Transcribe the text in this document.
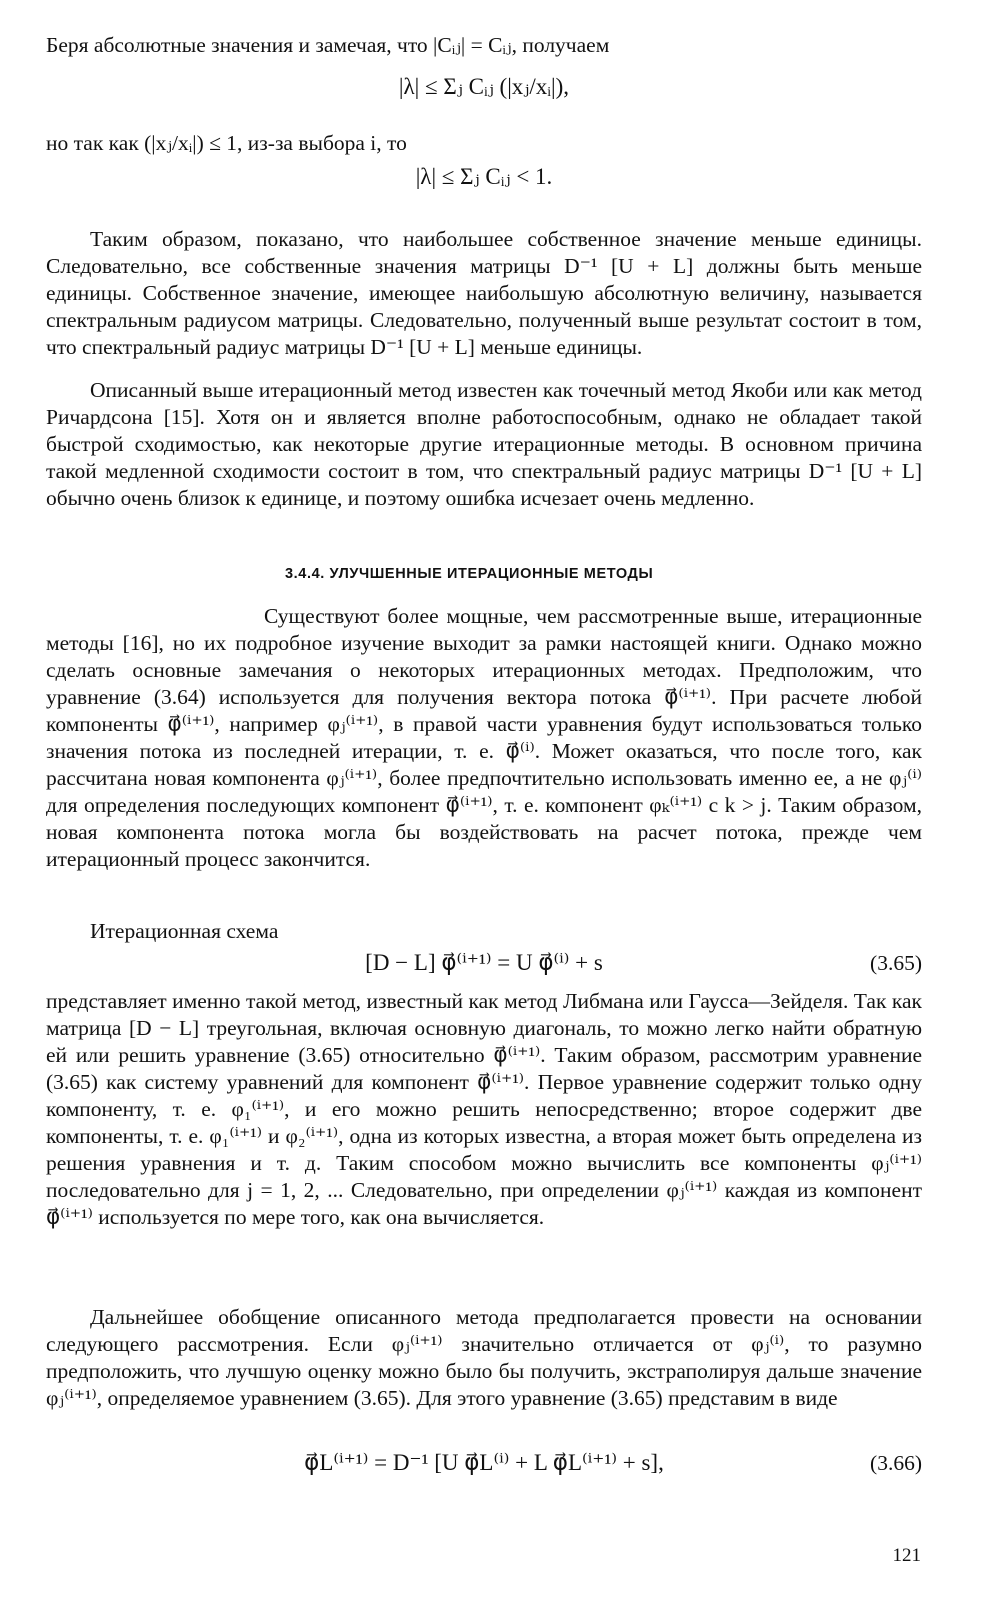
Беря абсолютные значения и замечая, что |Cᵢⱼ| = Cᵢⱼ, получаем
|λ| ≤ Σⱼ Cᵢⱼ (|xⱼ/xᵢ|),
но так как (|xⱼ/xᵢ|) ≤ 1, из-за выбора i, то
|λ| ≤ Σⱼ Cᵢⱼ < 1.
Таким образом, показано, что наибольшее собственное значение меньше единицы. Следовательно, все собственные значения матрицы D⁻¹ [U + L] должны быть меньше единицы. Собственное значение, имеющее наибольшую абсолютную величину, называется спектральным радиусом матрицы. Следовательно, полученный выше результат состоит в том, что спектральный радиус матрицы D⁻¹ [U + L] меньше единицы.
Описанный выше итерационный метод известен как точечный метод Якоби или как метод Ричардсона [15]. Хотя он и является вполне работоспособным, однако не обладает такой быстрой сходимостью, как некоторые другие итерационные методы. В основном причина такой медленной сходимости состоит в том, что спектральный радиус матрицы D⁻¹ [U + L] обычно очень близок к единице, и поэтому ошибка исчезает очень медленно.
3.4.4. УЛУЧШЕННЫЕ ИТЕРАЦИОННЫЕ МЕТОДЫ
Существуют более мощные, чем рассмотренные выше, итерационные методы [16], но их подробное изучение выходит за рамки настоящей книги. Однако можно сделать основные замечания о некоторых итерационных методах. Предположим, что уравнение (3.64) используется для получения вектора потока φ⃗⁽ⁱ⁺¹⁾. При расчете любой компоненты φ⃗⁽ⁱ⁺¹⁾, например φⱼ⁽ⁱ⁺¹⁾, в правой части уравнения будут использоваться только значения потока из последней итерации, т. е. φ⃗⁽ⁱ⁾. Может оказаться, что после того, как рассчитана новая компонента φⱼ⁽ⁱ⁺¹⁾, более предпочтительно использовать именно ее, а не φⱼ⁽ⁱ⁾ для определения последующих компонент φ⃗⁽ⁱ⁺¹⁾, т. е. компонент φₖ⁽ⁱ⁺¹⁾ с k > j. Таким образом, новая компонента потока могла бы воздействовать на расчет потока, прежде чем итерационный процесс закончится.
Итерационная схема
[D − L] φ⃗⁽ⁱ⁺¹⁾ = U φ⃗⁽ⁱ⁾ + s	(3.65)
представляет именно такой метод, известный как метод Либмана или Гаусса—Зейделя. Так как матрица [D − L] треугольная, включая основную диагональ, то можно легко найти обратную ей или решить уравнение (3.65) относительно φ⃗⁽ⁱ⁺¹⁾. Таким образом, рассмотрим уравнение (3.65) как систему уравнений для компонент φ⃗⁽ⁱ⁺¹⁾. Первое уравнение содержит только одну компоненту, т. е. φ₁⁽ⁱ⁺¹⁾, и его можно решить непосредственно; второе содержит две компоненты, т. е. φ₁⁽ⁱ⁺¹⁾ и φ₂⁽ⁱ⁺¹⁾, одна из которых известна, а вторая может быть определена из решения уравнения и т. д. Таким способом можно вычислить все компоненты φⱼ⁽ⁱ⁺¹⁾ последовательно для j = 1, 2, ... Следовательно, при определении φⱼ⁽ⁱ⁺¹⁾ каждая из компонент φ⃗⁽ⁱ⁺¹⁾ используется по мере того, как она вычисляется.
Дальнейшее обобщение описанного метода предполагается провести на основании следующего рассмотрения. Если φⱼ⁽ⁱ⁺¹⁾ значительно отличается от φⱼ⁽ⁱ⁾, то разумно предположить, что лучшую оценку можно было бы получить, экстраполируя дальше значение φⱼ⁽ⁱ⁺¹⁾, определяемое уравнением (3.65). Для этого уравнение (3.65) представим в виде
φ⃗L⁽ⁱ⁺¹⁾ = D⁻¹ [U φ⃗L⁽ⁱ⁾ + L φ⃗L⁽ⁱ⁺¹⁾ + s],	(3.66)
121
